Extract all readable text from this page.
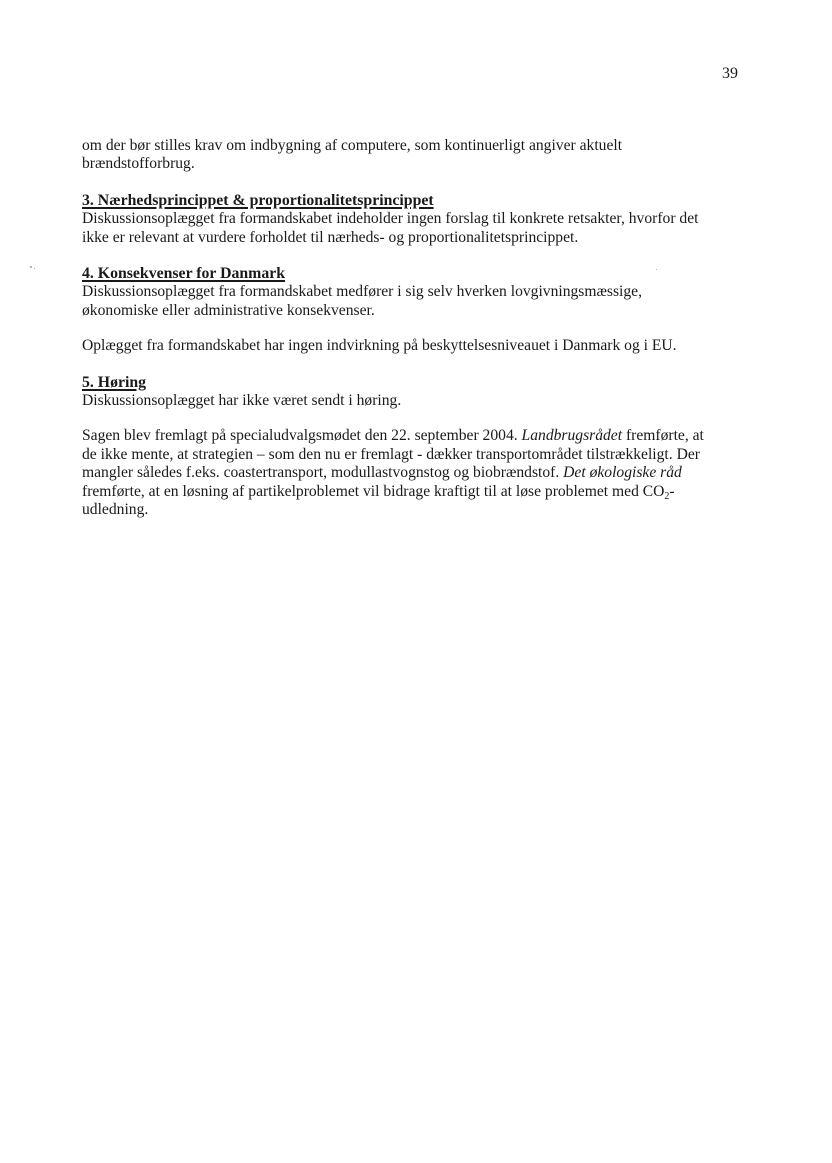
39

om der bør stilles krav om indbygning af computere, som kontinuerligt angiver aktuelt
brændstofforbrug.

3. Nærhedsprincippet & proportionalitetsprincippet

Diskussionsoplægget fra formandskabet indeholder ingen forslag til konkrete retsakter, hvorfor det
ikke er relevant at vurdere forholdet til nærheds- og proportionalitetsprincippet.

4. Konsekvenser for Danmark

Diskussionsoplægget fra formandskabet medfører i sig selv hverken lovgivningsmæssige,
økonomiske eller administrative konsekvenser.

Oplægget fra formandskabet har ingen indvirkning på beskyttelsesniveauet i Danmark og i EU.

5. Høring

Diskussionsoplægget har ikke været sendt i høring.

Sagen blev fremlagt på specialudvalgsmødet den 22. september 2004. Landbrugsrådet fremførte, at
de ikke mente, at strategien – som den nu er fremlagt - dækker transportområdet tilstrækkeligt. Der
mangler således f.eks. coastertransport, modullastvognstog og biobrændstof. Det økologiske råd
fremførte, at en løsning af partikelproblemet vil bidrage kraftigt til at løse problemet med $CO_2-$
udledning.
